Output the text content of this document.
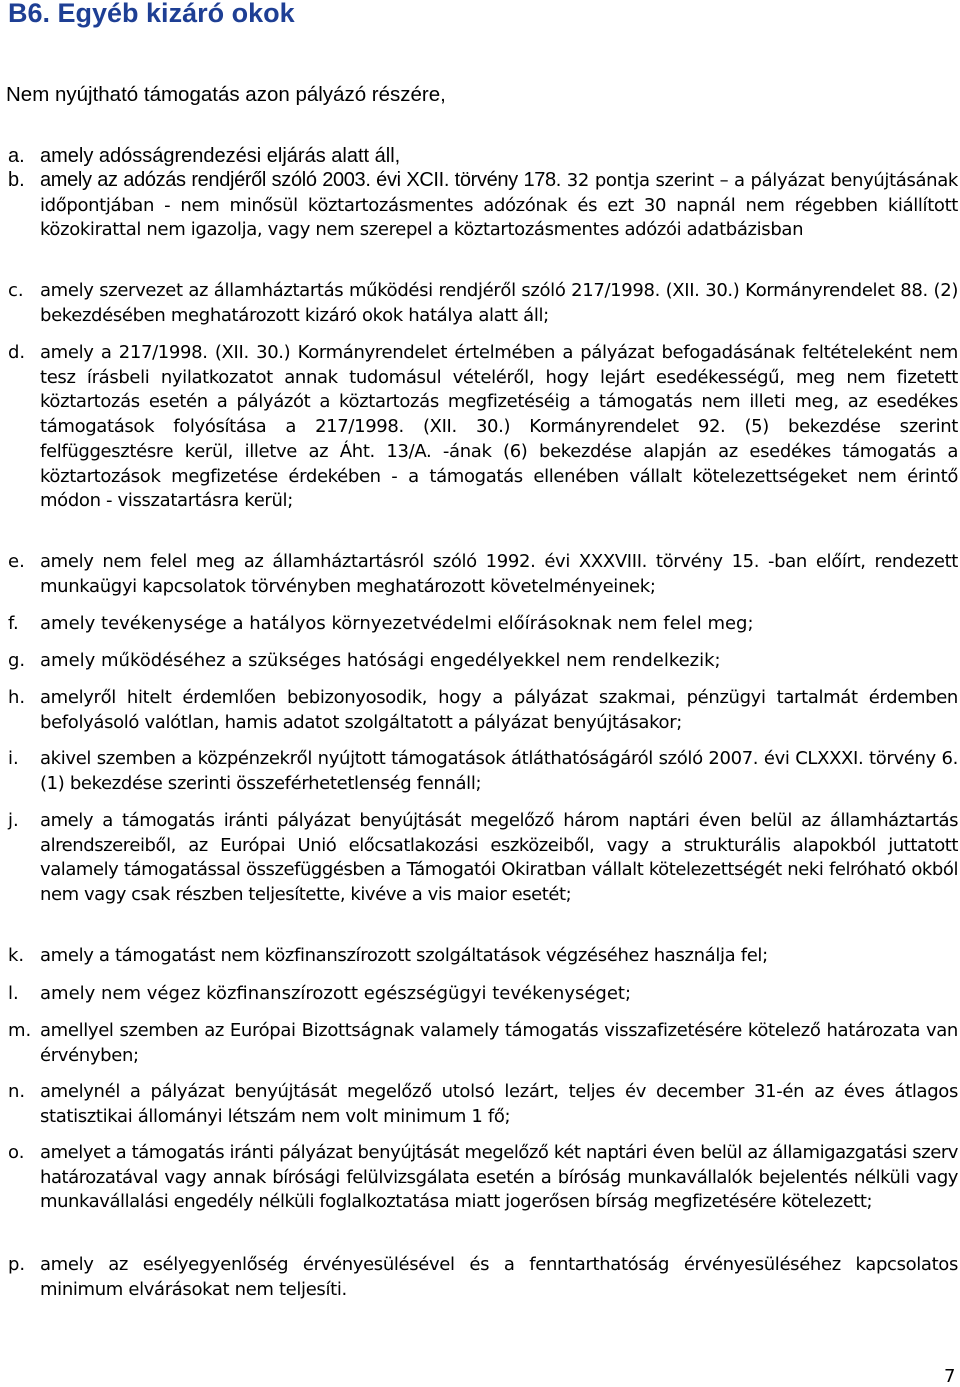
B6. Egyéb kizáró okok

Nem nyújtható támogatás azon pályázó részére,

a. amely adósságrendezési eljárás alatt áll,
b. amely az adózás rendjéről szóló 2003. évi XCII. törvény 178. 32 pontja szerint – a pályázat benyújtásának időpontjában - nem minősül köztartozásmentes adózónak és ezt 30 napnál nem régebben kiállított közokirattal nem igazolja, vagy nem szerepel a köztartozásmentes adózói adatbázisban
c. amely szervezet az államháztartás működési rendjéről szóló 217/1998. (XII. 30.) Kormányrendelet 88. (2) bekezdésében meghatározott kizáró okok hatálya alatt áll;
d. amely a 217/1998. (XII. 30.) Kormányrendelet értelmében a pályázat befogadásának feltételeként nem tesz írásbeli nyilatkozatot annak tudomásul vételéről, hogy lejárt esedékességű, meg nem fizetett köztartozás esetén a pályázót a köztartozás megfizetéséig a támogatás nem illeti meg, az esedékes támogatások folyósítása a 217/1998. (XII. 30.) Kormányrendelet 92. (5) bekezdése szerint felfüggesztésre kerül, illetve az Áht. 13/A. -ának (6) bekezdése alapján az esedékes támogatás a köztartozások megfizetése érdekében - a támogatás ellenében vállalt kötelezettségeket nem érintő módon - visszatartásra kerül;
e. amely nem felel meg az államháztartásról szóló 1992. évi XXXVIII. törvény 15. -ban előírt, rendezett munkaügyi kapcsolatok törvényben meghatározott követelményeinek;
f. amely tevékenysége a hatályos környezetvédelmi előírásoknak nem felel meg;
g. amely működéséhez a szükséges hatósági engedélyekkel nem rendelkezik;
h. amelyről hitelt érdemlően bebizonyosodik, hogy a pályázat szakmai, pénzügyi tartalmát érdemben befolyásoló valótlan, hamis adatot szolgáltatott a pályázat benyújtásakor;
i. akivel szemben a közpénzekről nyújtott támogatások átláthatóságáról szóló 2007. évi CLXXXI. törvény 6. (1) bekezdése szerinti összeférhetetlenség fennáll;
j. amely a támogatás iránti pályázat benyújtását megelőző három naptári éven belül az államháztartás alrendszereiből, az Európai Unió előcsatlakozási eszközeiből, vagy a strukturális alapokból juttatott valamely támogatással összefüggésben a Támogatói Okiratban vállalt kötelezettségét neki felróható okból nem vagy csak részben teljesítette, kivéve a vis maior esetét;
k. amely a támogatást nem közfinanszírozott szolgáltatások végzéséhez használja fel;
l. amely nem végez közfinanszírozott egészségügyi tevékenységet;
m. amellyel szemben az Európai Bizottságnak valamely támogatás visszafizetésére kötelező határozata van érvényben;
n. amelynél a pályázat benyújtását megelőző utolsó lezárt, teljes év december 31-én az éves átlagos statisztikai állományi létszám nem volt minimum 1 fő;
o. amelyet a támogatás iránti pályázat benyújtását megelőző két naptári éven belül az államigazgatási szerv határozatával vagy annak bírósági felülvizsgálata esetén a bíróság munkavállalók bejelentés nélküli vagy munkavállalási engedély nélküli foglalkoztatása miatt jogerősen bírság megfizetésére kötelezett;
p. amely az esélyegyenlőség érvényesülésével és a fenntarthatóság érvényesüléséhez kapcsolatos minimum elvárásokat nem teljesíti.
7
